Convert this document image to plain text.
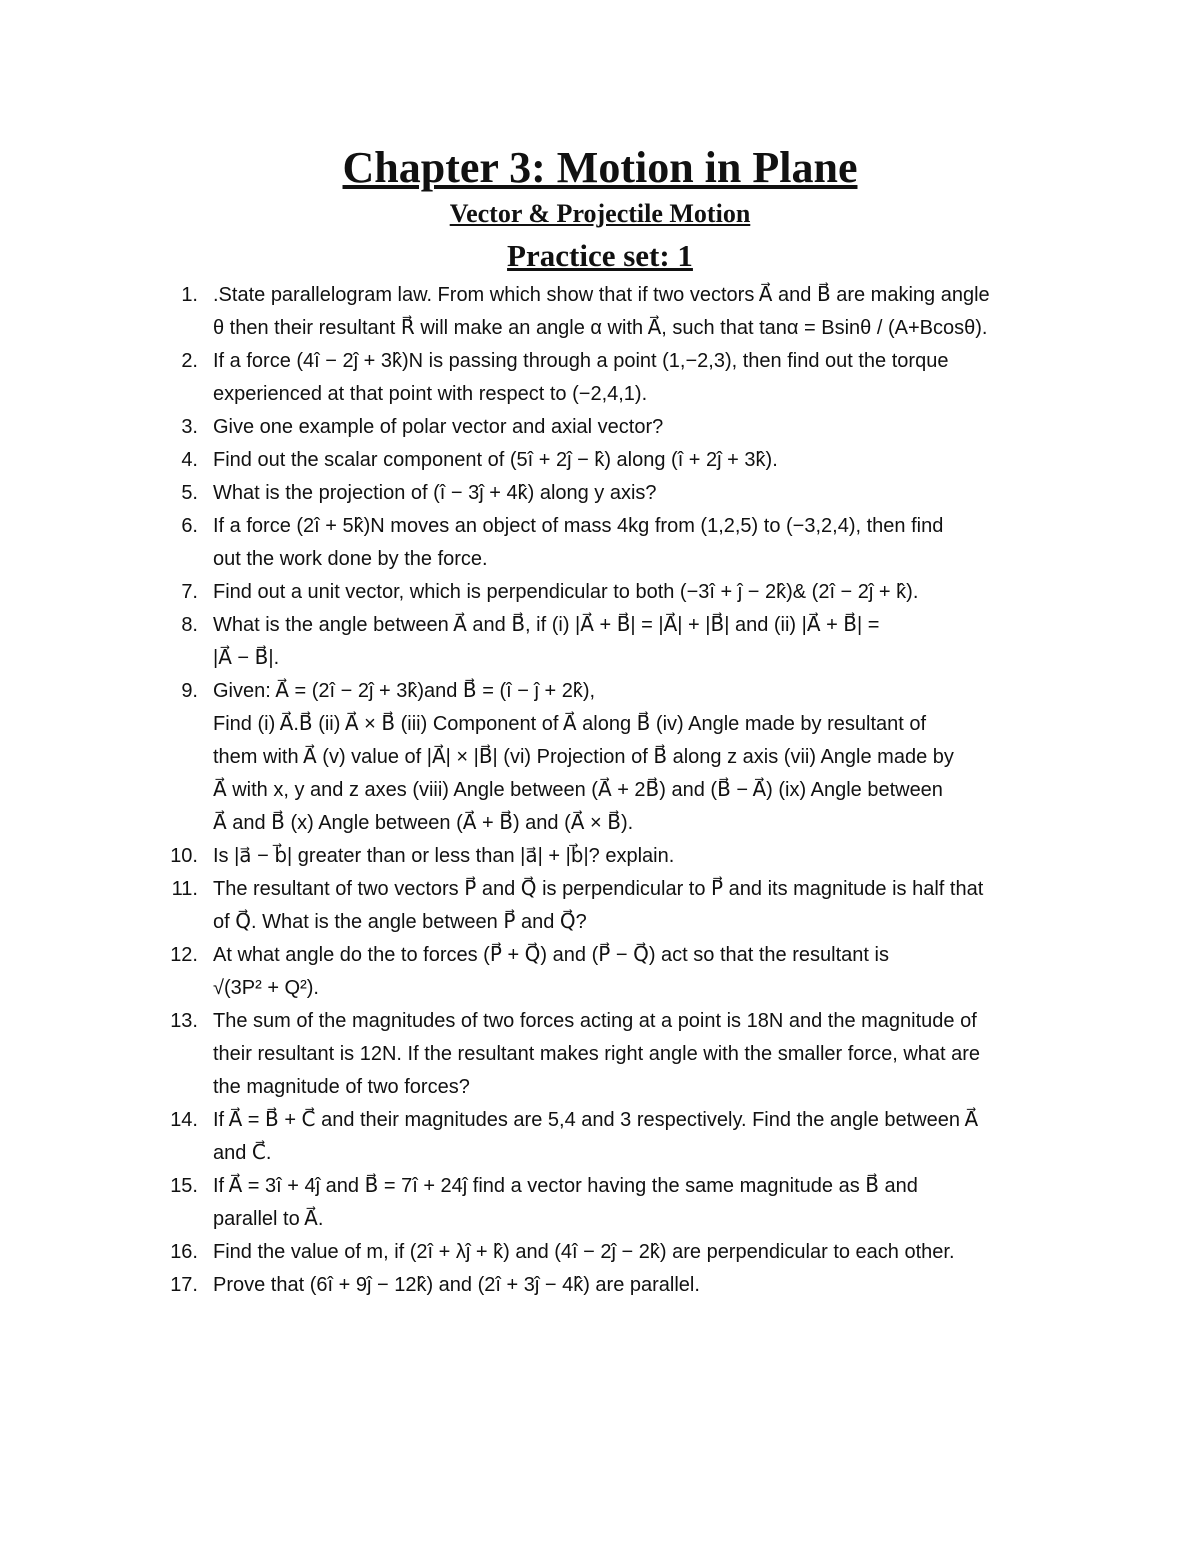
Chapter 3: Motion in Plane
Vector & Projectile Motion
Practice set: 1
1. .State parallelogram law. From which show that if two vectors A⃗ and B⃗ are making angle
θ then their resultant R⃗ will make an angle α with A⃗, such that tanα = Bsinθ / (A+Bcosθ).
2. If a force (4î − 2ĵ + 3k̂)N is passing through a point (1,−2,3), then find out the torque
experienced at that point with respect to (−2,4,1).
3. Give one example of polar vector and axial vector?
4. Find out the scalar component of (5î + 2ĵ − k̂) along (î + 2ĵ + 3k̂).
5. What is the projection of (î − 3ĵ + 4k̂) along y axis?
6. If a force (2î + 5k̂)N moves an object of mass 4kg from (1,2,5) to (−3,2,4), then find
out the work done by the force.
7. Find out a unit vector, which is perpendicular to both (−3î + ĵ − 2k̂)& (2î − 2ĵ + k̂).
8. What is the angle between A⃗ and B⃗, if (i) |A⃗ + B⃗| = |A⃗| + |B⃗| and (ii) |A⃗ + B⃗| =
|A⃗ − B⃗|.
9. Given: A⃗ = (2î − 2ĵ + 3k̂)and B⃗ = (î − ĵ + 2k̂),
Find (i) A⃗.B⃗ (ii) A⃗ × B⃗ (iii) Component of A⃗ along B⃗ (iv) Angle made by resultant of
them with A⃗ (v) value of |A⃗| × |B⃗| (vi) Projection of B⃗ along z axis (vii) Angle made by
A⃗ with x, y and z axes (viii) Angle between (A⃗ + 2B⃗) and (B⃗ − A⃗) (ix) Angle between
A⃗ and B⃗ (x) Angle between (A⃗ + B⃗) and (A⃗ × B⃗).
10. Is |a⃗ − b⃗| greater than or less than |a⃗| + |b⃗|? explain.
11. The resultant of two vectors P⃗ and Q⃗ is perpendicular to P⃗ and its magnitude is half that
of Q⃗. What is the angle between P⃗ and Q⃗?
12. At what angle do the to forces (P⃗ + Q⃗) and (P⃗ − Q⃗) act so that the resultant is
√(3P² + Q²).
13. The sum of the magnitudes of two forces acting at a point is 18N and the magnitude of
their resultant is 12N. If the resultant makes right angle with the smaller force, what are
the magnitude of two forces?
14. If A⃗ = B⃗ + C⃗ and their magnitudes are 5,4 and 3 respectively. Find the angle between A⃗
and C⃗.
15. If A⃗ = 3î + 4ĵ and B⃗ = 7î + 24ĵ find a vector having the same magnitude as B⃗ and
parallel to A⃗.
16. Find the value of m, if (2î + λĵ + k̂) and (4î − 2ĵ − 2k̂) are perpendicular to each other.
17. Prove that (6î + 9ĵ − 12k̂) and (2î + 3ĵ − 4k̂) are parallel.
